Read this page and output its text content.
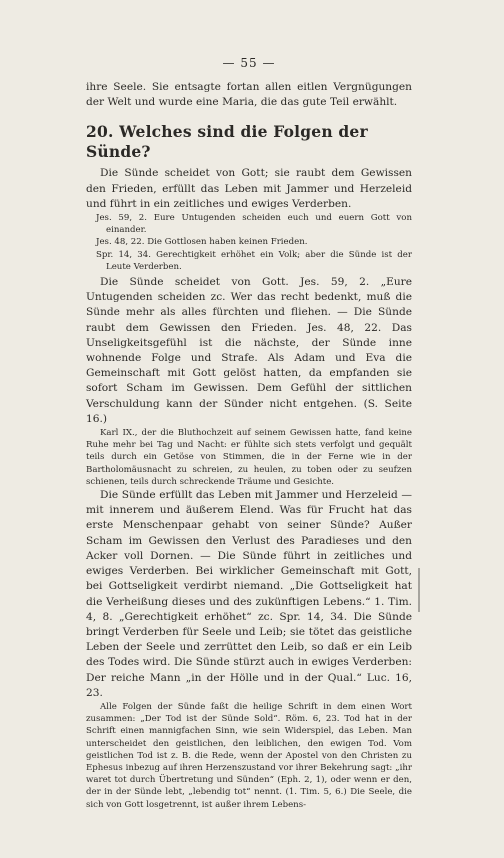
— 55 —

ihre Seele. Sie entsagte fortan allen eitlen Vergnügungen der Welt und wurde eine Maria, die das gute Teil erwählt.

20. Welches sind die Folgen der Sünde?

Die Sünde scheidet von Gott; sie raubt dem Gewissen den Frieden, erfüllt das Leben mit Jammer und Herzeleid und führt in ein zeitliches und ewiges Verderben.

Jes. 59, 2. Eure Untugenden scheiden euch und euern Gott von einander.

Jes. 48, 22. Die Gottlosen haben keinen Frieden.

Spr. 14, 34. Gerechtigkeit erhöhet ein Volk; aber die Sünde ist der Leute Verderben.

Die Sünde scheidet von Gott. Jes. 59, 2. „Eure Untugenden scheiden zc. Wer das recht bedenkt, muß die Sünde mehr als alles fürchten und fliehen. — Die Sünde raubt dem Gewissen den Frieden. Jes. 48, 22. Das Unseligkeitsgefühl ist die nächste, der Sünde inne wohnende Folge und Strafe. Als Adam und Eva die Gemeinschaft mit Gott gelöst hatten, da empfanden sie sofort Scham im Gewissen. Dem Gefühl der sittlichen Verschuldung kann der Sünder nicht entgehen. (S. Seite 16.)

Karl IX., der die Bluthochzeit auf seinem Gewissen hatte, fand keine Ruhe mehr bei Tag und Nacht: er fühlte sich stets verfolgt und gequält teils durch ein Getöse von Stimmen, die in der Ferne wie in der Bartholomäusnacht zu schreien, zu heulen, zu toben oder zu seufzen schienen, teils durch schreckende Träume und Gesichte.

Die Sünde erfüllt das Leben mit Jammer und Herzeleid — mit innerem und äußerem Elend. Was für Frucht hat das erste Menschenpaar gehabt von seiner Sünde? Außer Scham im Gewissen den Verlust des Paradieses und den Acker voll Dornen. — Die Sünde führt in zeitliches und ewiges Verderben. Bei wirklicher Gemeinschaft mit Gott, bei Gottseligkeit verdirbt niemand. „Die Gottseligkeit hat die Verheißung dieses und des zukünftigen Lebens.“ 1. Tim. 4, 8. „Gerechtigkeit erhöhet“ zc. Spr. 14, 34. Die Sünde bringt Verderben für Seele und Leib; sie tötet das geistliche Leben der Seele und zerrüttet den Leib, so daß er ein Leib des Todes wird. Die Sünde stürzt auch in ewiges Verderben: Der reiche Mann „in der Hölle und in der Qual.“ Luc. 16, 23.

Alle Folgen der Sünde faßt die heilige Schrift in dem einen Wort zusammen: „Der Tod ist der Sünde Sold“. Röm. 6, 23. Tod hat in der Schrift einen mannigfachen Sinn, wie sein Widerspiel, das Leben. Man unterscheidet den geistlichen, den leiblichen, den ewigen Tod. Vom geistlichen Tod ist z. B. die Rede, wenn der Apostel von den Christen zu Ephesus inbezug auf ihren Herzenszustand vor ihrer Bekehrung sagt: „ihr waret tot durch Übertretung und Sünden“ (Eph. 2, 1), oder wenn er den, der in der Sünde lebt, „lebendig tot“ nennt. (1. Tim. 5, 6.) Die Seele, die sich von Gott losgetrennt, ist außer ihrem Lebens-
